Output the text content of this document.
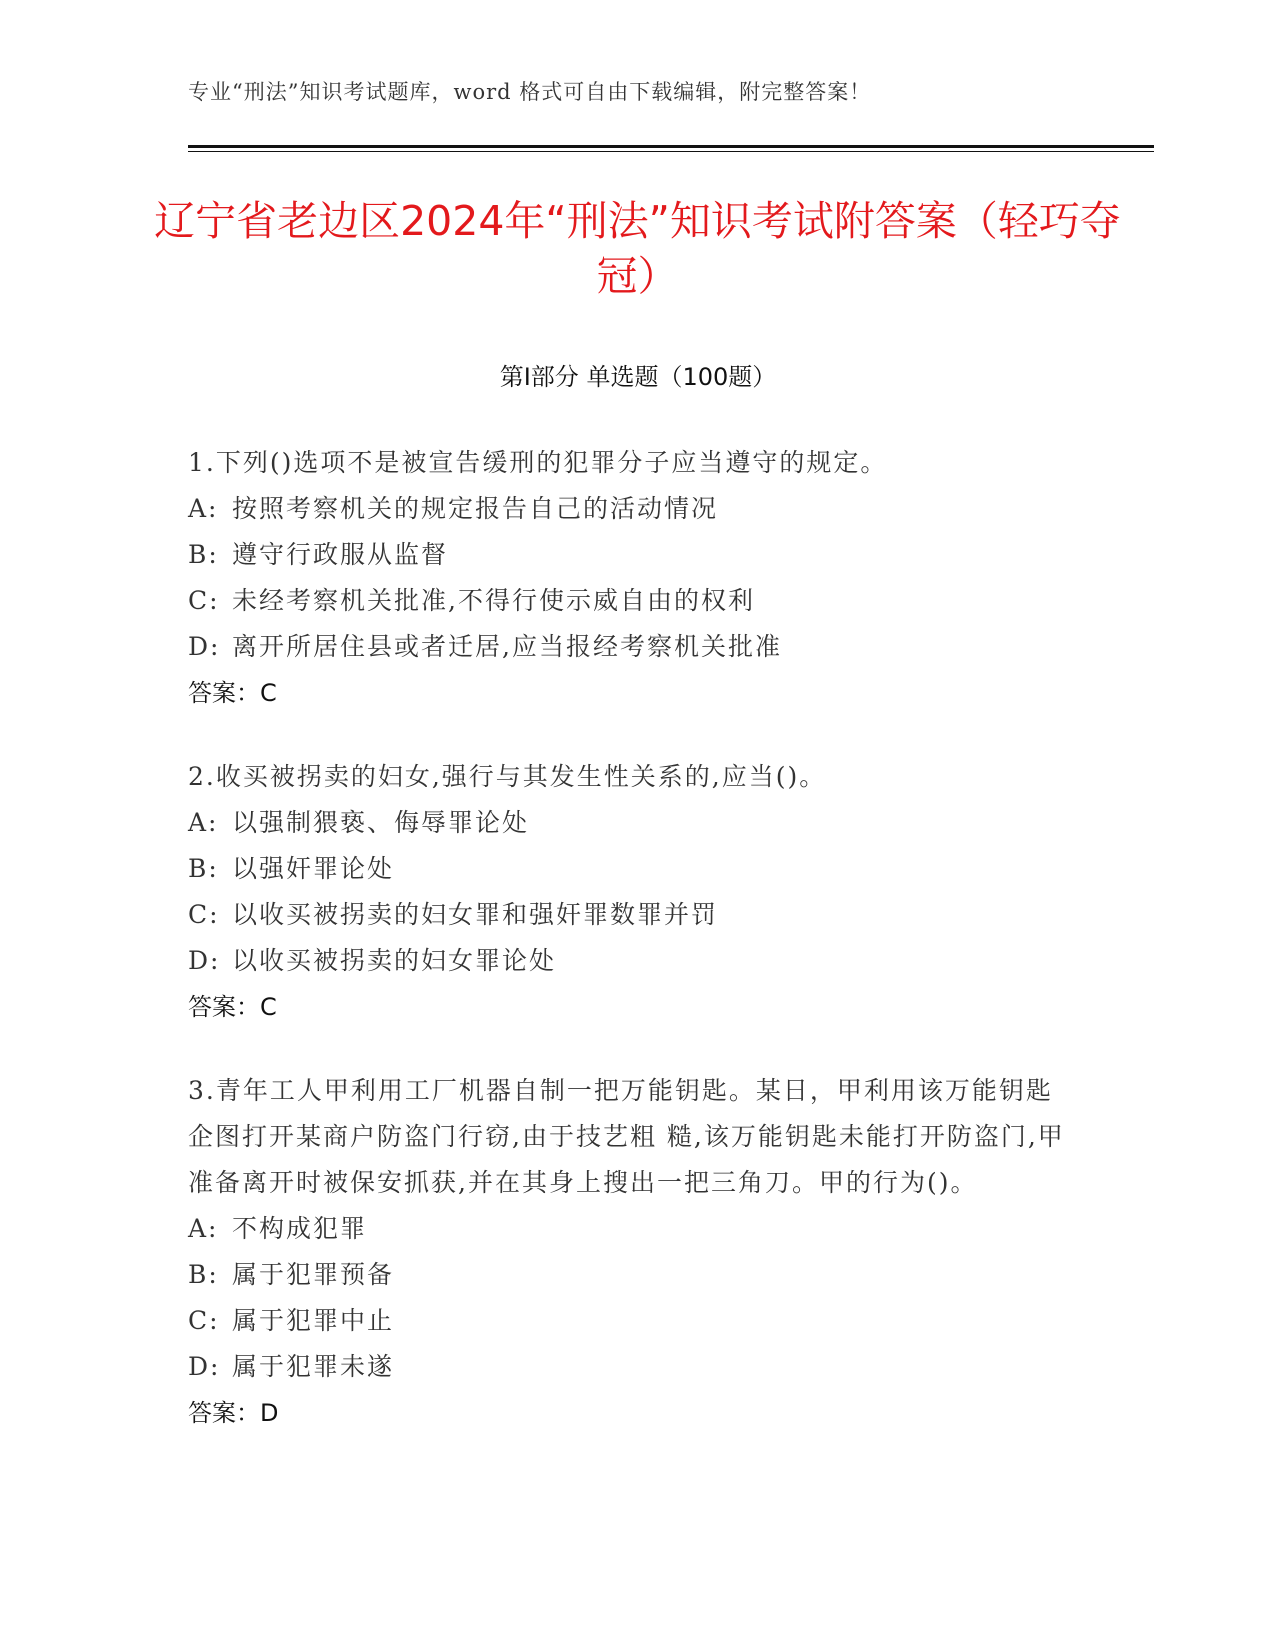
专业“刑法”知识考试题库，word 格式可自由下载编辑，附完整答案！
辽宁省老边区2024年“刑法”知识考试附答案（轻巧夺冠）
第Ⅰ部分 单选题（100题）
1.下列()选项不是被宣告缓刑的犯罪分子应当遵守的规定。
A: 按照考察机关的规定报告自己的活动情况
B: 遵守行政服从监督
C: 未经考察机关批准,不得行使示威自由的权利
D: 离开所居住县或者迁居,应当报经考察机关批准
答案：C
2.收买被拐卖的妇女,强行与其发生性关系的,应当()。
A: 以强制猥亵、侮辱罪论处
B: 以强奸罪论处
C: 以收买被拐卖的妇女罪和强奸罪数罪并罚
D: 以收买被拐卖的妇女罪论处
答案：C
3.青年工人甲利用工厂机器自制一把万能钥匙。某日，甲利用该万能钥匙企图打开某商户防盗门行窃,由于技艺粗 糙,该万能钥匙未能打开防盗门,甲准备离开时被保安抓获,并在其身上搜出一把三角刀。甲的行为()。
A: 不构成犯罪
B: 属于犯罪预备
C: 属于犯罪中止
D: 属于犯罪未遂
答案：D
